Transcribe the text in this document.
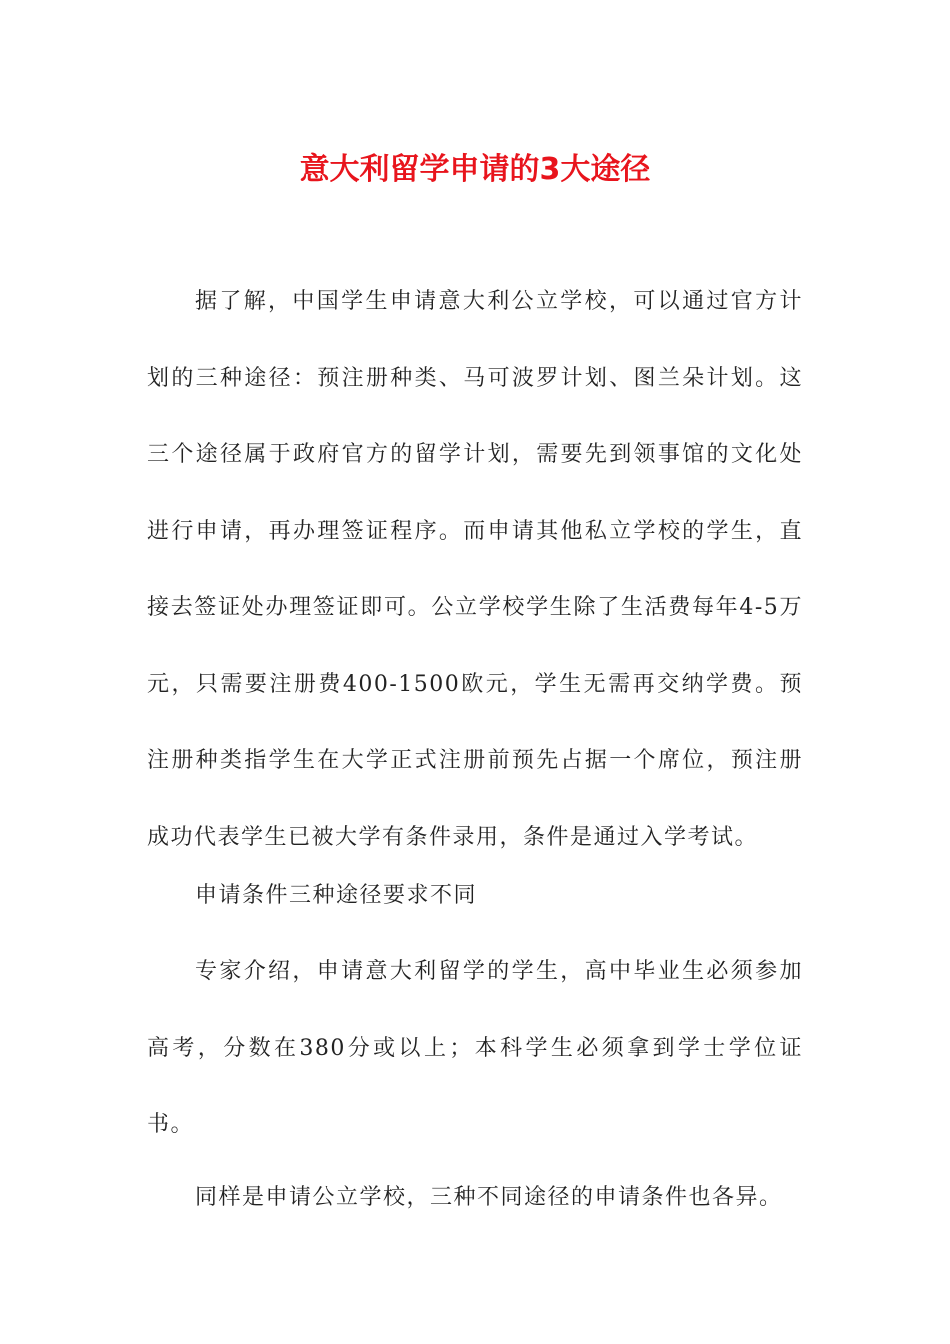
意大利留学申请的3大途径

据了解，中国学生申请意大利公立学校，可以通过官方计划的三种途径：预注册种类、马可波罗计划、图兰朵计划。这三个途径属于政府官方的留学计划，需要先到领事馆的文化处进行申请，再办理签证程序。而申请其他私立学校的学生，直接去签证处办理签证即可。公立学校学生除了生活费每年4-5万元，只需要注册费400-1500欧元，学生无需再交纳学费。预注册种类指学生在大学正式注册前预先占据一个席位，预注册成功代表学生已被大学有条件录用，条件是通过入学考试。

申请条件三种途径要求不同

专家介绍，申请意大利留学的学生，高中毕业生必须参加高考，分数在380分或以上；本科学生必须拿到学士学位证书。

同样是申请公立学校，三种不同途径的申请条件也各异。
